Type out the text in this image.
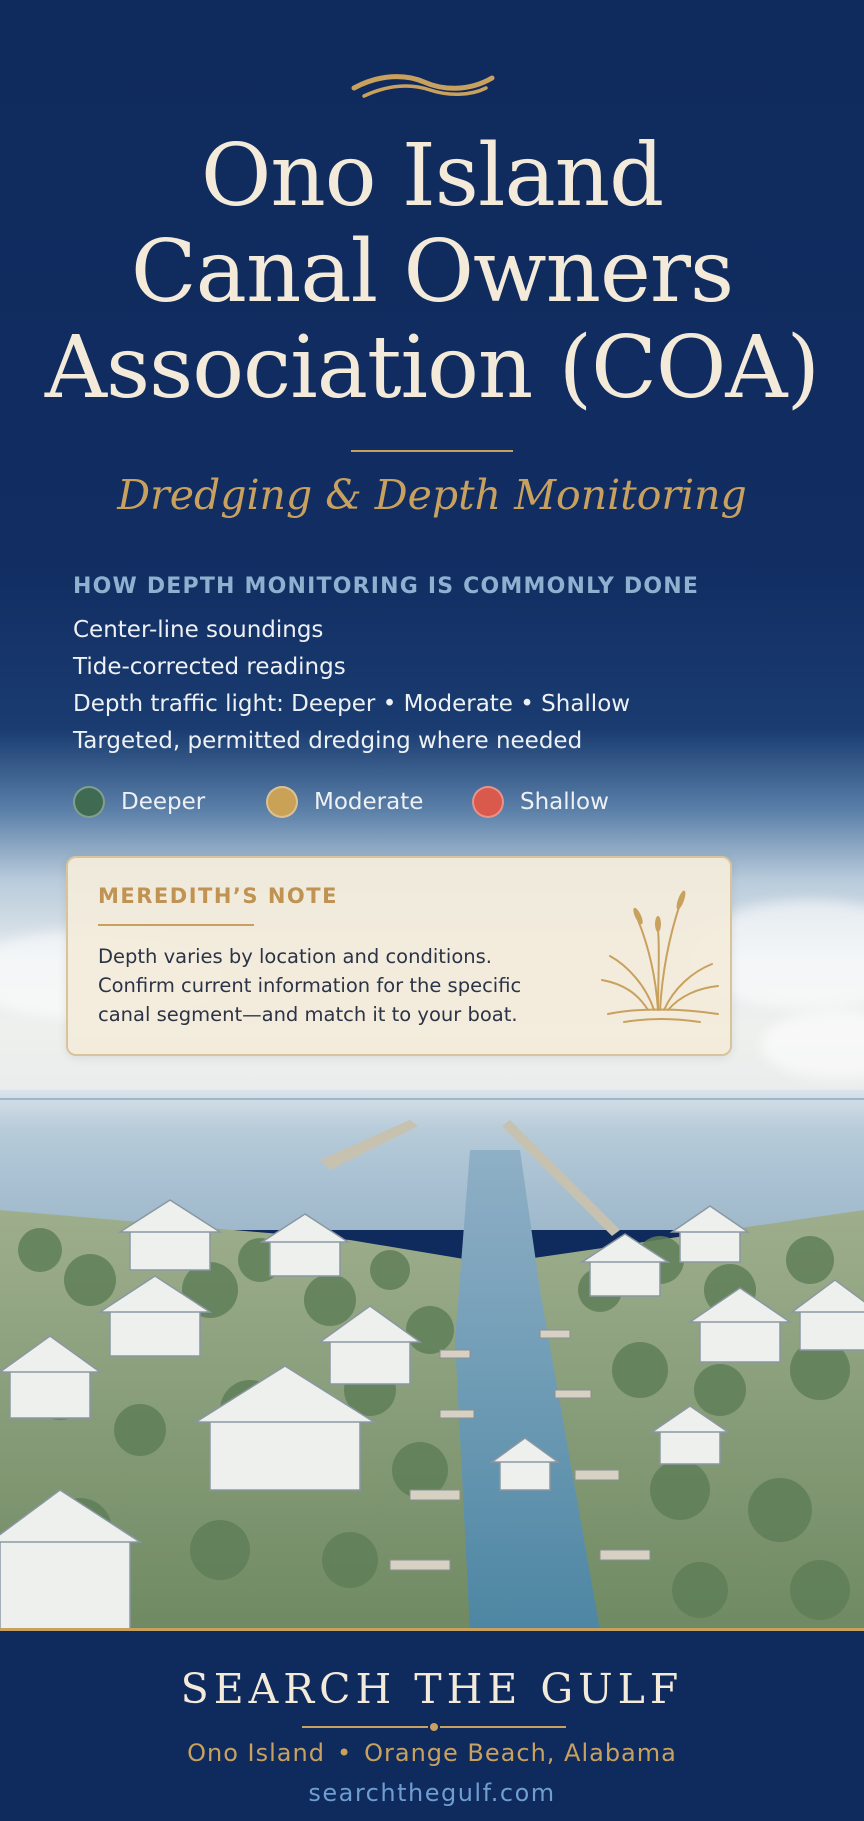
Ono Island
Canal Owners
Association (COA)
Dredging & Depth Monitoring
HOW DEPTH MONITORING IS COMMONLY DONE
Center-line soundings
Tide-corrected readings
Depth traffic light: Deeper • Moderate • Shallow
Targeted, permitted dredging where needed
Deeper	Moderate	Shallow
MEREDITH’S NOTE

Depth varies by location and conditions. Confirm current information for the specific canal segment—and match it to your boat.

SEARCH THE GULF
Ono Island • Orange Beach, Alabama
searchthegulf.com
